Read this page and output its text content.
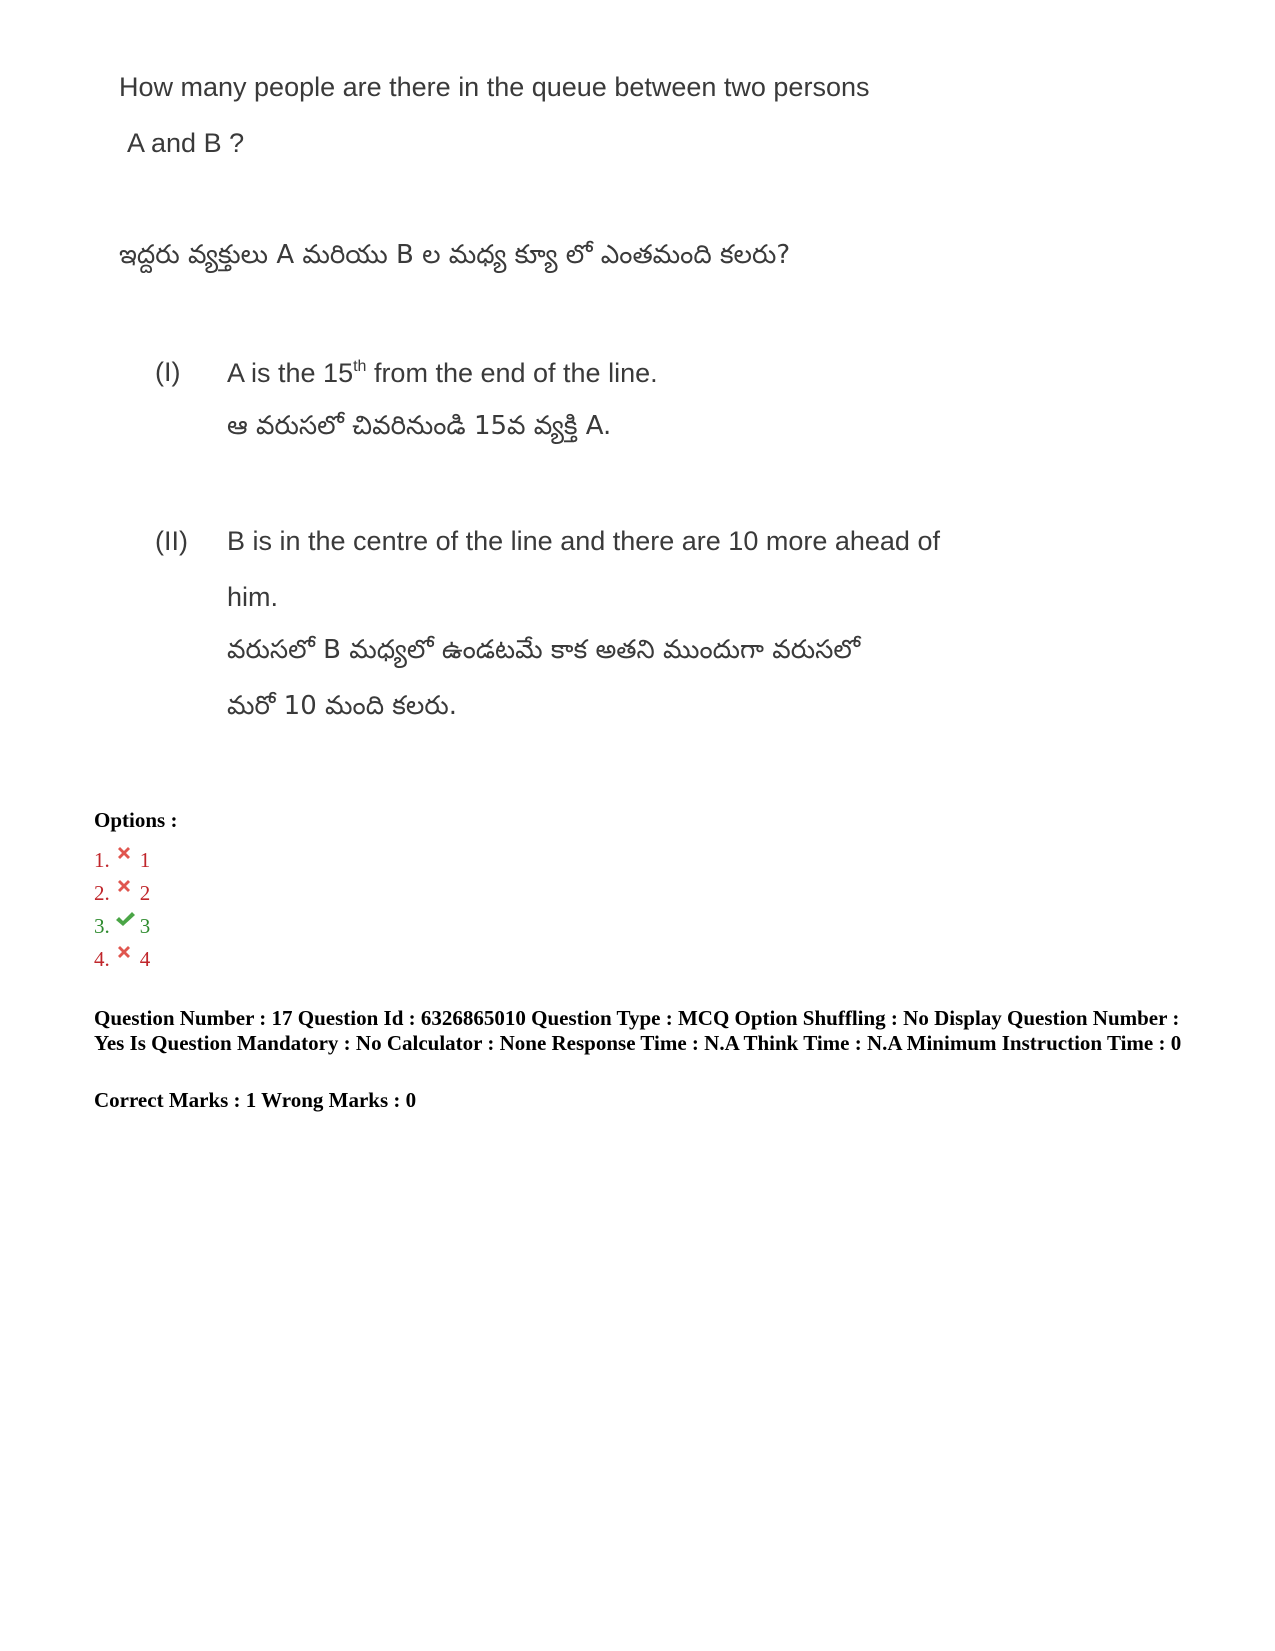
How many people are there in the queue between two persons
A and B ?
ఇద్దరు వ్యక్తులు A మరియు B ల మధ్య క్యూ లో ఎంతమంది కలరు?
(I) A is the 15th from the end of the line.
ఆ వరుసలో చివరినుండి 15వ వ్యక్తి A.
(II) B is in the centre of the line and there are 10 more ahead of
him.
వరుసలో B మధ్యలో ఉండటమే కాక అతని ముందుగా వరుసలో
మరో 10 మంది కలరు.
Options :
1. 1
2. 2
3. 3
4. 4
Question Number : 17 Question Id : 6326865010 Question Type : MCQ Option Shuffling : No Display Question Number : Yes Is Question Mandatory : No Calculator : None Response Time : N.A Think Time : N.A Minimum Instruction Time : 0
Correct Marks : 1 Wrong Marks : 0
